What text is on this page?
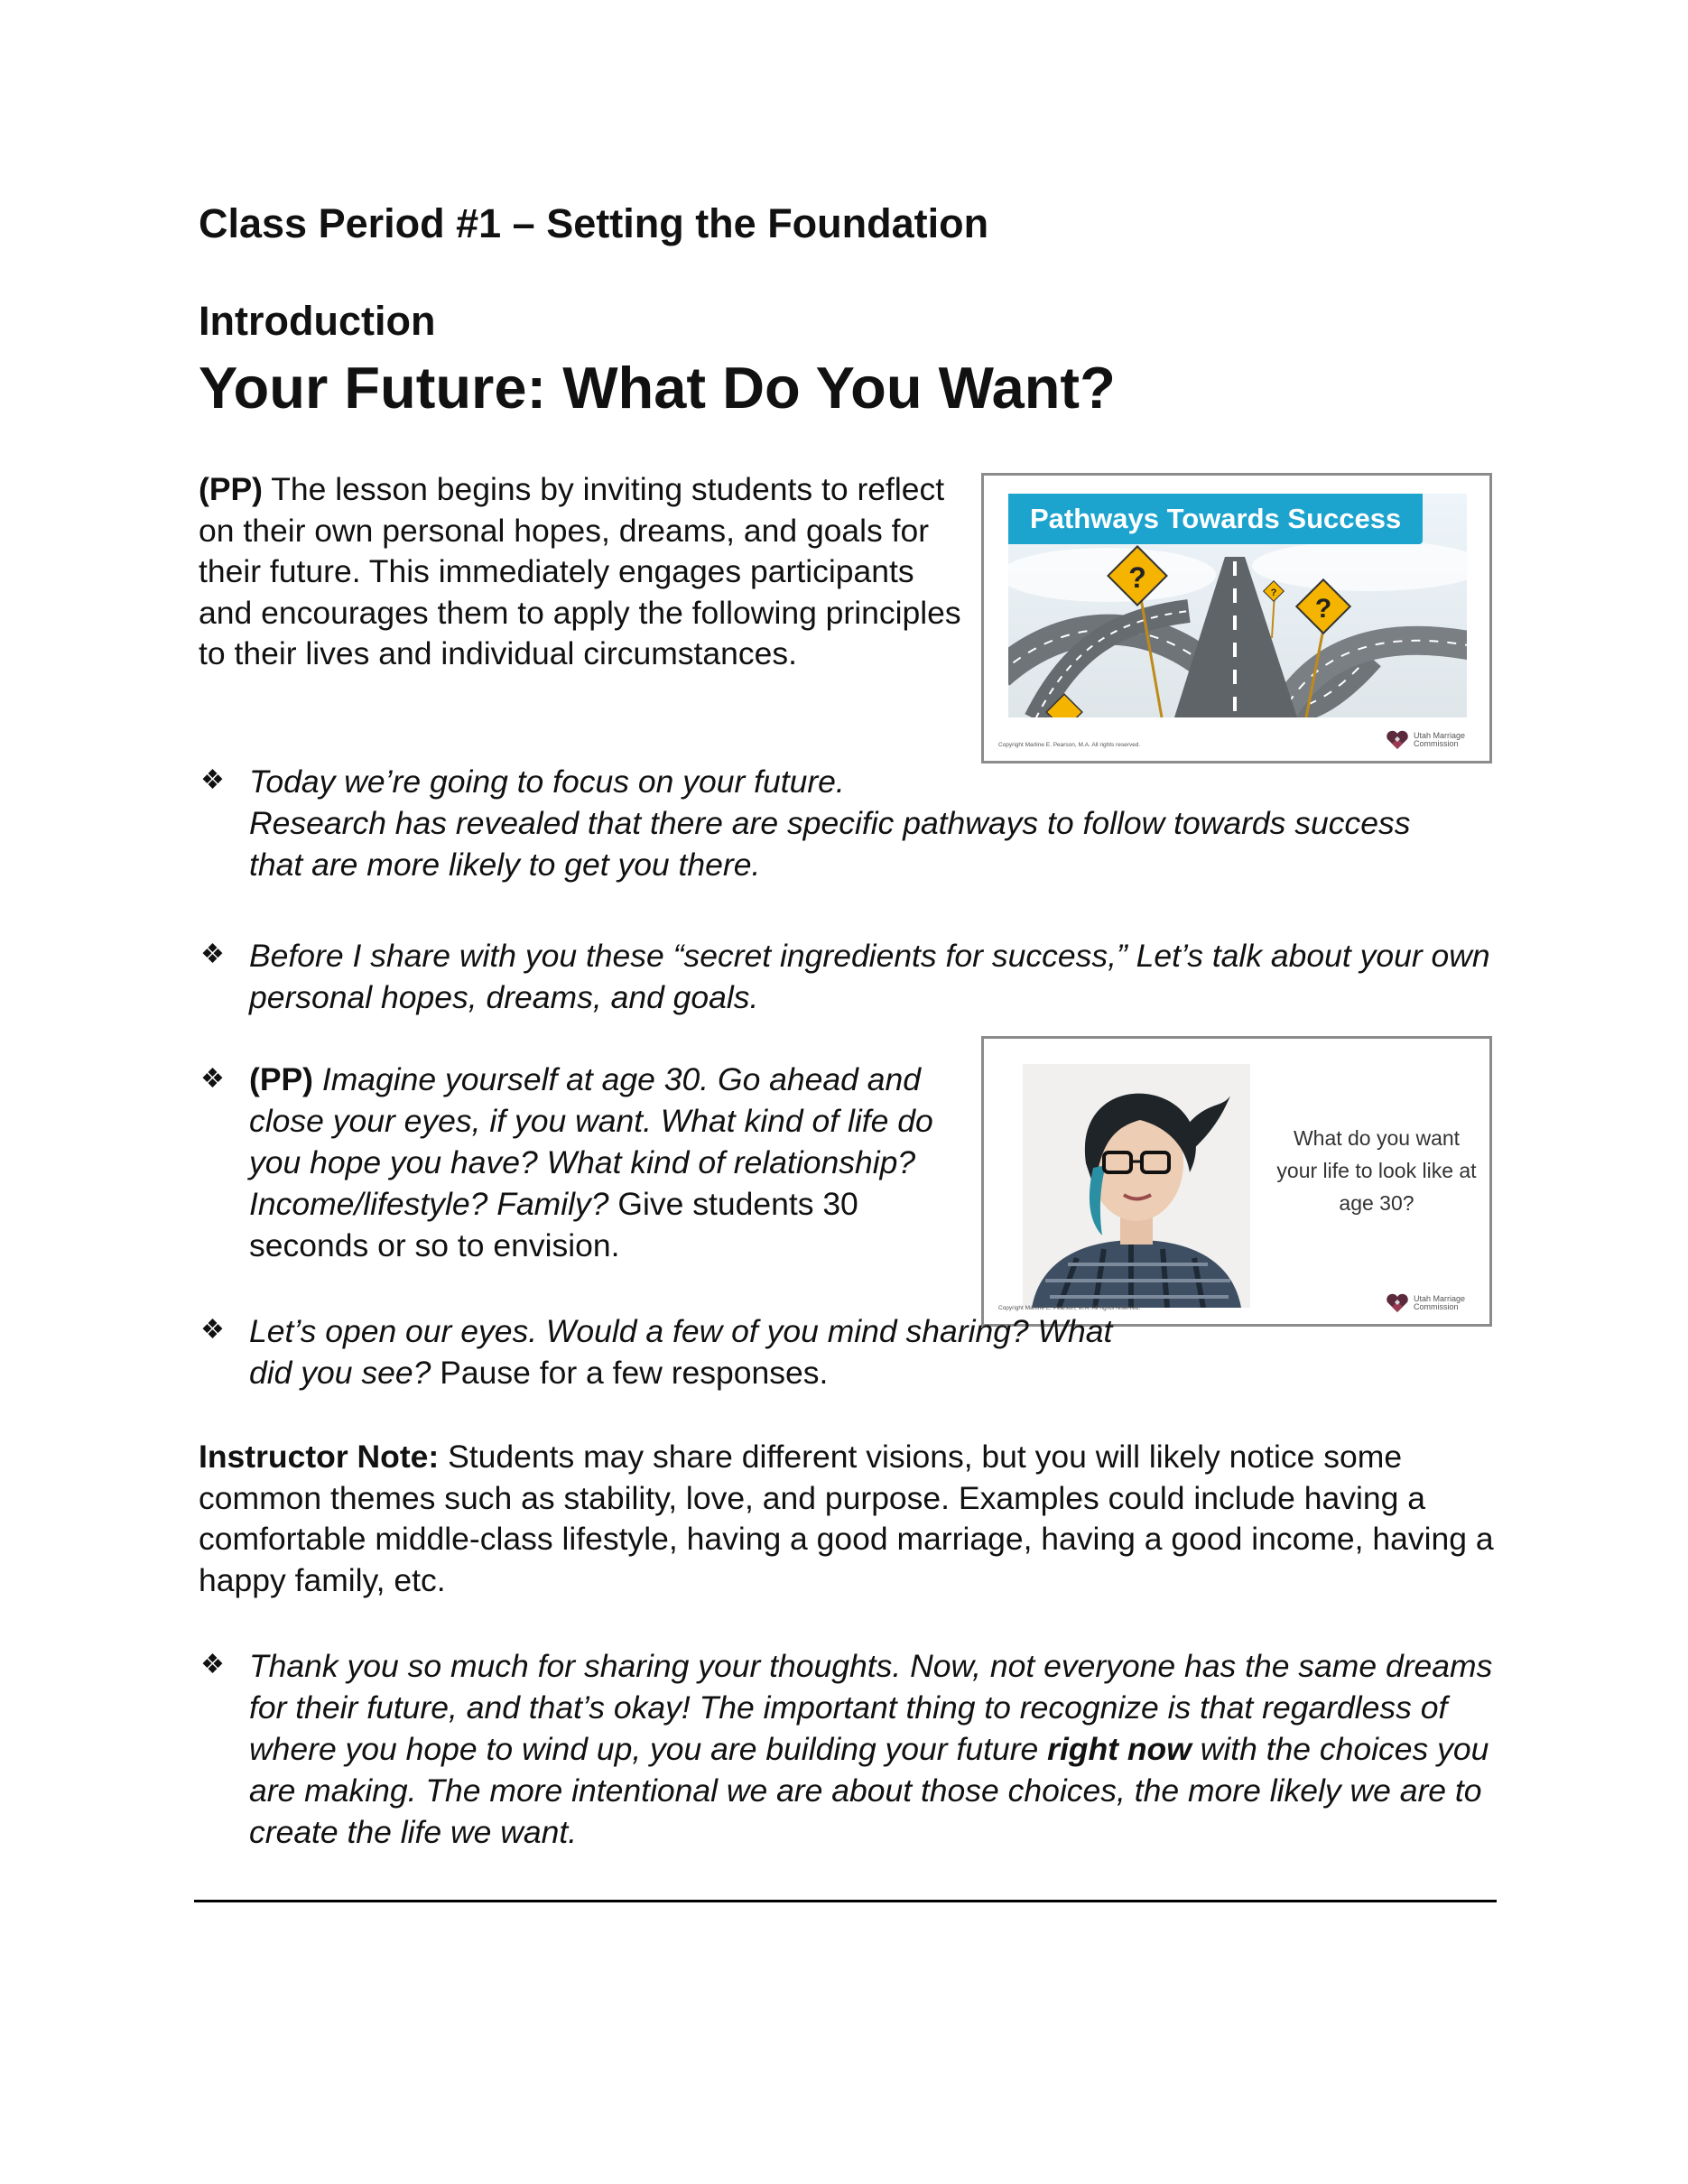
Class Period #1 – Setting the Foundation
Introduction
Your Future: What Do You Want?
(PP) The lesson begins by inviting students to reflect on their own personal hopes, dreams, and goals for their future. This immediately engages participants and encourages them to apply the following principles to their lives and individual circumstances.
?
?
?
Pathways Towards Success
Copyright Marline E. Pearson, M.A. All rights reserved.
Utah Marriage Commission
❖ Today we’re going to focus on your future.
Research has revealed that there are specific pathways to follow towards success that are more likely to get you there.
❖ Before I share with you these “secret ingredients for success,” Let’s talk about your own personal hopes, dreams, and goals.
❖ (PP) Imagine yourself at age 30. Go ahead and close your eyes, if you want. What kind of life do you hope you have? What kind of relationship? Income/lifestyle? Family? Give students 30 seconds or so to envision.
What do you want your life to look like at age 30?
Copyright Marline E. Pearson, M.A. All rights reserved.
Utah Marriage Commission
❖ Let’s open our eyes. Would a few of you mind sharing? What did you see? Pause for a few responses.
Instructor Note: Students may share different visions, but you will likely notice some common themes such as stability, love, and purpose. Examples could include having a comfortable middle-class lifestyle, having a good marriage, having a good income, having a happy family, etc.
❖ Thank you so much for sharing your thoughts. Now, not everyone has the same dreams for their future, and that’s okay! The important thing to recognize is that regardless of where you hope to wind up, you are building your future right now with the choices you are making. The more intentional we are about those choices, the more likely we are to create the life we want.
